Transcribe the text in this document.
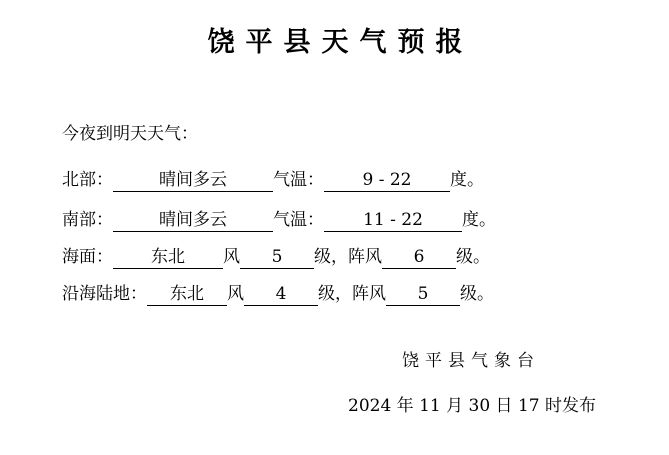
饶平县天气预报
今夜到明天天气：
北部：	晴间多云	气温： 9 - 22 度。
南部：	晴间多云	气温： 11 - 22 度。
海面： 东北 风 5 级，阵风 6 级。
沿海陆地： 东北 风 4 级，阵风 5 级。
饶平县气象台
2024 年 11 月 30 日 17 时发布
